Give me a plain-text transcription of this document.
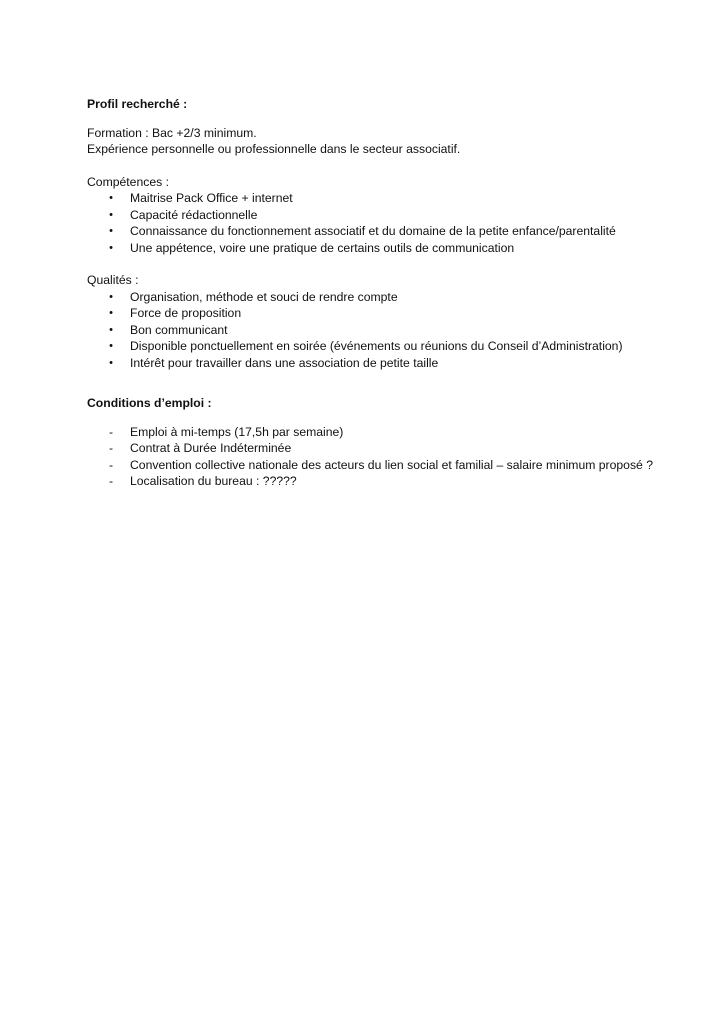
Profil recherché :
Formation : Bac +2/3 minimum.
Expérience personnelle ou professionnelle dans le secteur associatif.
Compétences :
• Maitrise Pack Office + internet
• Capacité rédactionnelle
• Connaissance du fonctionnement associatif et du domaine de la petite enfance/parentalité
• Une appétence, voire une pratique de certains outils de communication
Qualités :
• Organisation, méthode et souci de rendre compte
• Force de proposition
• Bon communicant
• Disponible ponctuellement en soirée (événements ou réunions du Conseil d’Administration)
• Intérêt pour travailler dans une association de petite taille
Conditions d’emploi :
- Emploi à mi-temps (17,5h par semaine)
- Contrat à Durée Indéterminée
- Convention collective nationale des acteurs du lien social et familial – salaire minimum proposé ?
- Localisation du bureau : ?????
